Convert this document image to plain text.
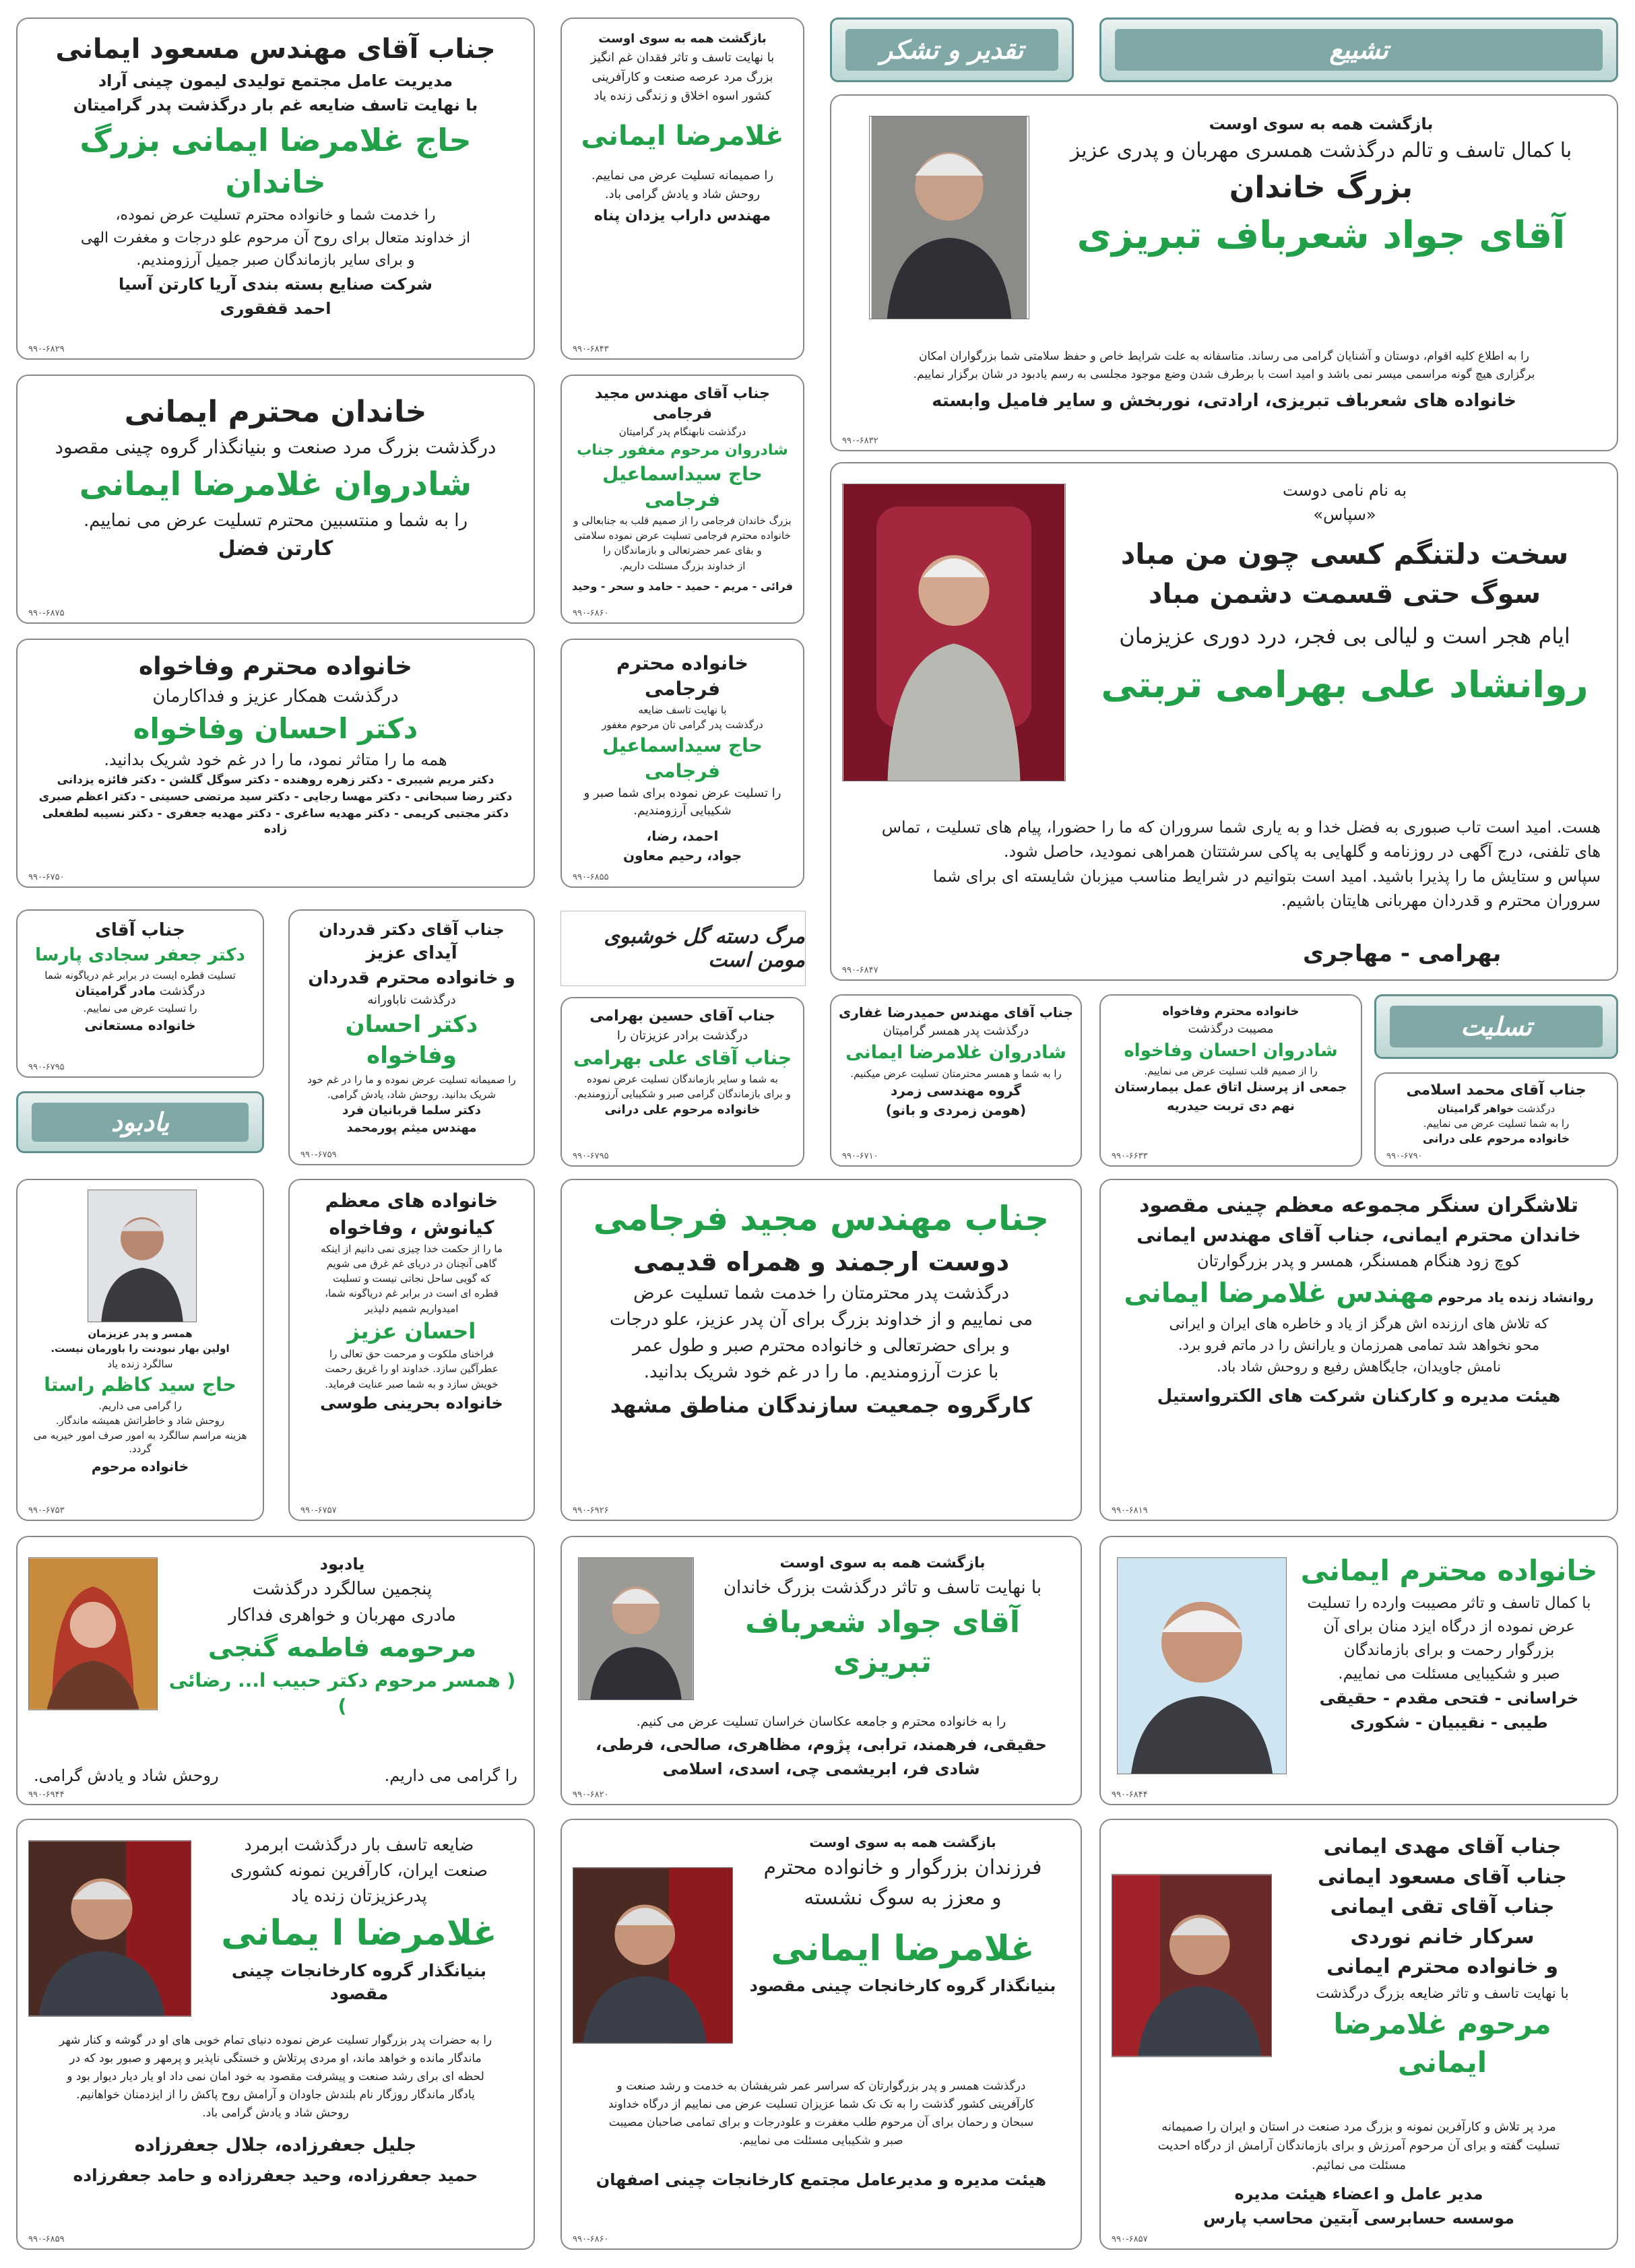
تشییع
تقدیر و تشکر

جناب آقای مهندس مسعود ایمانی

مدیریت عامل مجتمع تولیدی لیمون چینی آراد

با نهایت تاسف ضایعه غم بار درگذشت پدر گرامیتان

حاج غلامرضا ایمانی بزرگ خاندان

را خدمت شما و خانواده محترم تسلیت عرض نموده،

از خداوند متعال برای روح آن مرحوم علو درجات و مغفرت الهی

و برای سایر بازماندگان صبر جمیل آرزومندیم.

شرکت صنایع بسته بندی آریا کارتن آسیا

احمد قفقوری

۹۹۰-۶۸۲۹

بازگشت همه به سوی اوست

با نهایت تاسف و تاثر فقدان غم انگیز

بزرگ مرد عرصه صنعت و کارآفرینی

کشور اسوه اخلاق و زندگی زنده یاد

غلامرضا ایمانی

را صمیمانه تسلیت عرض می نماییم.

روحش شاد و یادش گرامی باد.

مهندس داراب یزدان پناه

۹۹۰-۶۸۴۳

بازگشت همه به سوی اوست

با کمال تاسف و تالم درگذشت همسری مهربان و پدری عزیز

بزرگ خاندان

آقای جواد شعرباف تبریزی

را به اطلاع کلیه اقوام، دوستان و آشنایان گرامی می رساند. متاسفانه به علت شرایط خاص و حفظ سلامتی شما بزرگواران امکان

برگزاری هیچ گونه مراسمی میسر نمی باشد و امید است با برطرف شدن وضع موجود مجلسی به رسم یادبود در شان برگزار نماییم.

خانواده های شعرباف تبریزی، ارادتی، نوربخش و سایر فامیل وابسته

۹۹۰-۶۸۳۲

خاندان محترم ایمانی

درگذشت بزرگ مرد صنعت و بنیانگذار گروه چینی مقصود

شادروان غلامرضا ایمانی

را به شما و منتسبین محترم تسلیت عرض می نماییم.

کارتن فضل

۹۹۰-۶۸۷۵

جناب آقای مهندس مجید فرجامی

درگذشت نابهنگام پدر گرامیتان

شادروان مرحوم مغفور جناب

حاج سیداسماعیل فرجامی

بزرگ خاندان فرجامی را از صمیم قلب به جنابعالی و

خانواده محترم فرجامی تسلیت عرض نموده سلامتی

و بقای عمر حضرتعالی و بازماندگان را

از خداوند بزرگ مسئلت داریم.

فرائی - مریم - حمید - حامد و سحر - وحید

۹۹۰-۶۸۶۰

به نام نامی دوست

«سپاس»

سخت دلتنگم کسی چون من مباد

سوگ حتی قسمت دشمن مباد

ایام هجر است و لیالی بی فجر، درد دوری عزیزمان

روانشاد علی بهرامی تربتی

هست. امید است تاب صبوری به فضل خدا و به یاری شما سروران که ما را حضورا، پیام های تسلیت ، تماس

های تلفنی، درج آگهی در روزنامه و گلهایی به پاکی سرشتتان همراهی نمودید، حاصل شود.

سپاس و ستایش ما را پذیرا باشید. امید است بتوانیم در شرایط مناسب میزبان شایسته ای برای شما

سروران محترم و قدردان مهربانی هایتان باشیم.

بهرامی - مهاجری

۹۹۰-۶۸۴۷

خانواده محترم وفاخواه

درگذشت همکار عزیز و فداکارمان

دکتر احسان وفاخواه

همه ما را متاثر نمود، ما را در غم خود شریک بدانید.

دکتر مریم شیبری - دکتر زهره روهنده - دکتر سوگل گلشن - دکتر فائزه یزدانی

دکتر رضا سبحانی - دکتر مهسا رجایی - دکتر سید مرتضی حسینی - دکتر اعظم صبری

دکتر مجتبی کریمی - دکتر مهدیه ساغری - دکتر مهدیه جعفری - دکتر نسیبه لطفعلی زاده

۹۹۰-۶۷۵۰

خانواده محترم فرجامی

با نهایت تاسف ضایعه

درگذشت پدر گرامی تان مرحوم مغفور

حاج سیداسماعیل فرجامی

را تسلیت عرض نموده برای شما صبر و

شکیبایی آرزومندیم.

احمد، رضا،

جواد، رحیم معاون

۹۹۰-۶۸۵۵

جناب آقای

دکتر جعفر سجادی پارسا

تسلیت قطره ایست در برابر غم دریاگونه شما

درگذشت مادر گرامیتان

را تسلیت عرض می نماییم.

خانواده مستعانی

۹۹۰-۶۷۹۵

جناب آقای دکتر قدردان

آیدای عزیز

و خانواده محترم قدردان

درگذشت ناباورانه

دکتر احسان وفاخواه

را صمیمانه تسلیت عرض نموده و ما را در غم خود

شریک بدانید. روحش شاد، یادش گرامی.

دکتر سلما قربانیان فرد

مهندس میثم پورمحمد

۹۹۰-۶۷۵۹
مرگ دسته گل خوشبوی مومن است

جناب آقای حسین بهرامی

درگذشت برادر عزیزتان را

جناب آقای علی بهرامی

به شما و سایر بازماندگان تسلیت عرض نموده

و برای بازماندگان گرامی صبر و شکیبایی آرزومندیم.

خانواده مرحوم علی درانی

۹۹۰-۶۷۹۵

جناب آقای مهندس حمیدرضا غفاری

درگذشت پدر همسر گرامیتان

شادروان غلامرضا ایمانی

را به شما و همسر محترمتان تسلیت عرض میکنیم.

گروه مهندسی زمرد

(هومن زمردی و بانو)

۹۹۰-۶۷۱۰

خانواده محترم وفاخواه

مصیبت درگذشت

شادروان احسان وفاخواه

را از صمیم قلب تسلیت عرض می نماییم.

جمعی از پرسنل اتاق عمل بیمارستان

نهم دی تربت حیدریه

۹۹۰-۶۶۳۳
تسلیت

جناب آقای محمد اسلامی

درگذشت خواهر گرامیتان

را به شما تسلیت عرض می نماییم.

خانواده مرحوم علی درانی

۹۹۰-۶۷۹۰
یادبود

همسر و پدر عزیزمان

اولین بهار نبودنت را باورمان نیست.

سالگرد زنده یاد

حاج سید کاظم راستا

را گرامی می داریم.

روحش شاد و خاطراتش همیشه ماندگار.

هزینه مراسم سالگرد به امور صرف امور خیریه می گردد.

خانواده مرحوم

۹۹۰-۶۷۵۳

خانواده های معظم

کیانوش ، وفاخواه

ما را از حکمت خدا چیزی نمی دانیم از اینکه

گاهی آنچنان در دریای غم غرق می شویم

که گویی ساحل نجاتی نیست و تسلیت

قطره ای است در برابر غم دریاگونه شما،

امیدواریم شمیم دلپذیر

احسان عزیز

فراخنای ملکوت و مرحمت حق تعالی را

عطرآگین سازد. خداوند او را غریق رحمت

خویش سازد و به شما صبر عنایت فرماید.

خانواده بحرینی طوسی

۹۹۰-۶۷۵۷

جناب مهندس مجید فرجامی

دوست ارجمند و همراه قدیمی

درگذشت پدر محترمتان را خدمت شما تسلیت عرض

می نماییم و از خداوند بزرگ برای آن پدر عزیز، علو درجات

و برای حضرتعالی و خانواده محترم صبر و طول عمر

با عزت آرزومندیم. ما را در غم خود شریک بدانید.

کارگروه جمعیت سازندگان مناطق مشهد

۹۹۰-۶۹۲۶

تلاشگران سنگر مجموعه معظم چینی مقصود

خاندان محترم ایمانی، جناب آقای مهندس ایمانی

کوچ زود هنگام همسنگر، همسر و پدر بزرگوارتان

روانشاد زنده یاد مرحوم مهندس غلامرضا ایمانی

که تلاش های ارزنده اش هرگز از یاد و خاطره های ایران و ایرانی

محو نخواهد شد تمامی همرزمان و یارانش را در ماتم فرو برد.

نامش جاویدان، جایگاهش رفیع و روحش شاد باد.

هیئت مدیره و کارکنان شرکت های الکترواستیل

۹۹۰-۶۸۱۹

یادبود

پنجمین سالگرد درگذشت

مادری مهربان و خواهری فداکار

مرحومه فاطمه گنجی

( همسر مرحوم دکتر حبیب ا... رضائی )

را گرامی می داریم.
روحش شاد و یادش گرامی.
۹۹۰-۶۹۴۴

بازگشت همه به سوی اوست

با نهایت تاسف و تاثر درگذشت بزرگ خاندان

آقای جواد شعرباف تبریزی

را به خانواده محترم و جامعه عکاسان خراسان تسلیت عرض می کنیم.

حقیقی، فرهمند، ترابی، پژوم، مظاهری، صالحی، فرطی،

شادی فر، ابریشمی چی، اسدی، اسلامی

۹۹۰-۶۸۲۰

خانواده محترم ایمانی

با کمال تاسف و تاثر مصیبت وارده را تسلیت

عرض نموده از درگاه ایزد منان برای آن

بزرگوار رحمت و برای بازماندگان

صبر و شکیبایی مسئلت می نماییم.

خراسانی - فتحی مقدم - حقیقی

طیبی - نقیبیان - شکوری

۹۹۰-۶۸۴۴

ضایعه تاسف بار درگذشت ابرمرد

صنعت ایران، کارآفرین نمونه کشوری

پدرعزیزتان زنده یاد

غلامرضا ا یمانی

بنیانگذار گروه کارخانجات چینی مقصود

را به حضرات پدر بزرگوار تسلیت عرض نموده دنیای تمام خوبی های او در گوشه و کنار شهر

ماندگار مانده و خواهد ماند، او مردی پرتلاش و خستگی ناپذیر و پرمهر و صبور بود که در

لحظه ای برای رشد صنعت و پیشرفت مقصود به خود امان نمی داد او یار دیار دیوار بود و

یادگار ماندگار روزگار نام بلندش جاودان و آرامش روح پاکش را از ایزدمنان خواهانیم.

روحش شاد و یادش گرامی باد.

جلیل جعفرزاده، جلال جعفرزاده

حمید جعفرزاده، وحید جعفرزاده و حامد جعفرزاده

۹۹۰-۶۸۵۹

بازگشت همه به سوی اوست

فرزندان بزرگوار و خانواده محترم

و معزز به سوگ نشسته

غلامرضا ایمانی

بنیانگذار گروه کارخانجات چینی مقصود

درگذشت همسر و پدر بزرگوارتان که سراسر عمر شریفشان به خدمت و رشد صنعت و

کارآفرینی کشور گذشت را به تک تک شما عزیزان تسلیت عرض می نماییم از درگاه خداوند

سبحان و رحمان برای آن مرحوم طلب مغفرت و علودرجات و برای تمامی صاحبان مصیبت

صبر و شکیبایی مسئلت می نماییم.

هیئت مدیره و مدیرعامل مجتمع کارخانجات چینی اصفهان

۹۹۰-۶۸۶۰

جناب آقای مهدی ایمانی

جناب آقای مسعود ایمانی

جناب آقای تقی ایمانی

سرکار خانم نوردی

و خانواده محترم ایمانی

با نهایت تاسف و تاثر ضایعه بزرگ درگذشت

مرحوم غلامرضا ایمانی

مرد پر تلاش و کارآفرین نمونه و بزرگ مرد صنعت در استان و ایران را صمیمانه

تسلیت گفته و برای آن مرحوم آمرزش و برای بازماندگان آرامش از درگاه احدیت

مسئلت می نمائیم.

مدیر عامل و اعضاء هیئت مدیره

موسسه حسابرسی آبتین محاسب پارس

۹۹۰-۶۸۵۷
